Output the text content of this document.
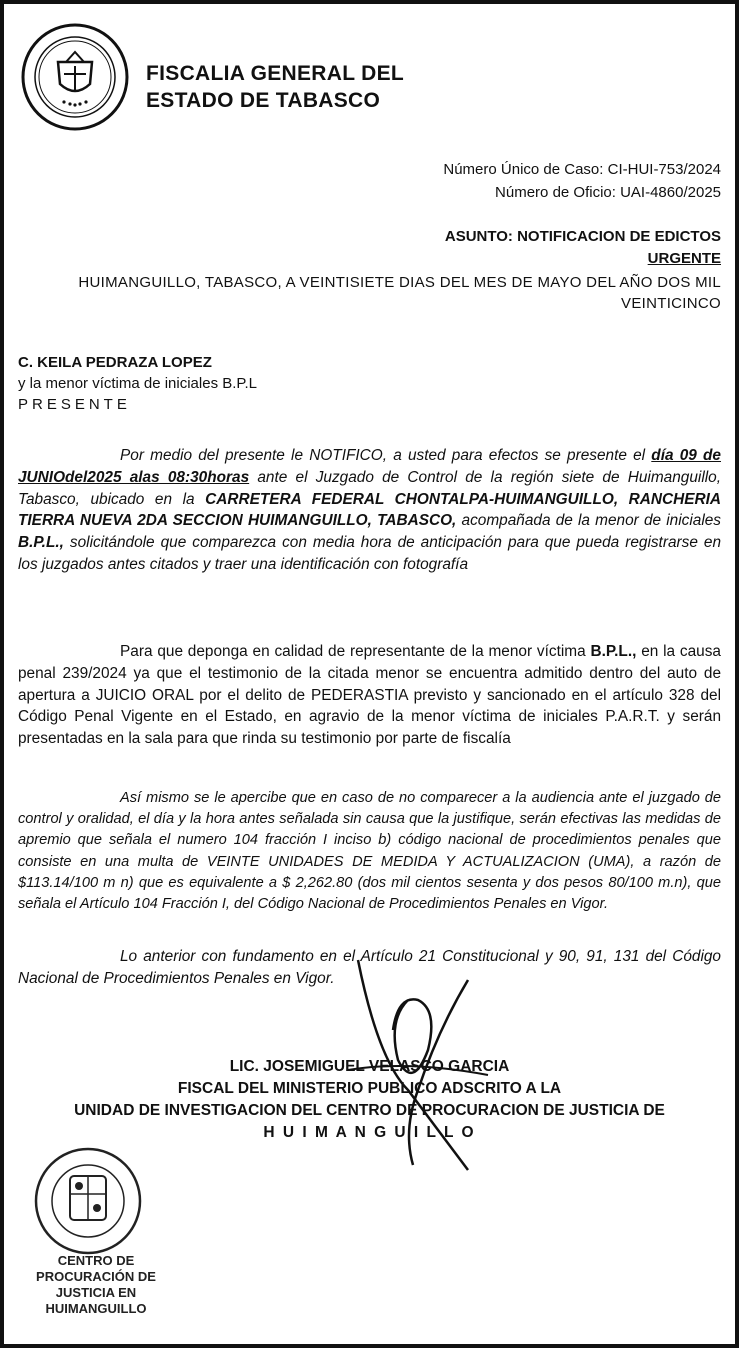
FISCALIA GENERAL DEL
ESTADO DE TABASCO
Número Único de Caso: CI-HUI-753/2024
Número de Oficio: UAI-4860/2025
ASUNTO: NOTIFICACION DE EDICTOS
URGENTE
HUIMANGUILLO, TABASCO, A VEINTISIETE DIAS DEL MES DE MAYO DEL AÑO DOS MIL VEINTICINCO
C. KEILA PEDRAZA LOPEZ
y la menor víctima de iniciales B.P.L
PRESENTE
Por medio del presente le NOTIFICO, a usted para efectos se presente el día 09 de JUNIOdel2025 alas 08:30horas ante el Juzgado de Control de la región siete de Huimanguillo, Tabasco, ubicado en la CARRETERA FEDERAL CHONTALPA-HUIMANGUILLO, RANCHERIA TIERRA NUEVA 2DA SECCION HUIMANGUILLO, TABASCO, acompañada de la menor de iniciales B.P.L., solicitándole que comparezca con media hora de anticipación para que pueda registrarse en los juzgados antes citados y traer una identificación con fotografía
Para que deponga en calidad de representante de la menor víctima B.P.L., en la causa penal 239/2024 ya que el testimonio de la citada menor se encuentra admitido dentro del auto de apertura a JUICIO ORAL por el delito de PEDERASTIA previsto y sancionado en el artículo 328 del Código Penal Vigente en el Estado, en agravio de la menor víctima de iniciales P.A.R.T. y serán presentadas en la sala para que rinda su testimonio por parte de fiscalía
Así mismo se le apercibe que en caso de no comparecer a la audiencia ante el juzgado de control y oralidad, el día y la hora antes señalada sin causa que la justifique, serán efectivas las medidas de apremio que señala el numero 104 fracción I inciso b) código nacional de procedimientos penales que consiste en una multa de VEINTE UNIDADES DE MEDIDA Y ACTUALIZACION (UMA), a razón de $113.14/100 m n) que es equivalente a $ 2,262.80 (dos mil cientos sesenta y dos pesos 80/100 m.n), que señala el Artículo 104 Fracción I, del Código Nacional de Procedimientos Penales en Vigor.
Lo anterior con fundamento en el Artículo 21 Constitucional y 90, 91, 131 del Código Nacional de Procedimientos Penales en Vigor.
LIC. JOSEMIGUEL VELASCO GARCIA
FISCAL DEL MINISTERIO PUBLICO ADSCRITO A LA
UNIDAD DE INVESTIGACION DEL CENTRO DE PROCURACION DE JUSTICIA DE
H U I M A N G U I L L O
CENTRO DE PROCURACIÓN DE JUSTICIA EN HUIMANGUILLO
